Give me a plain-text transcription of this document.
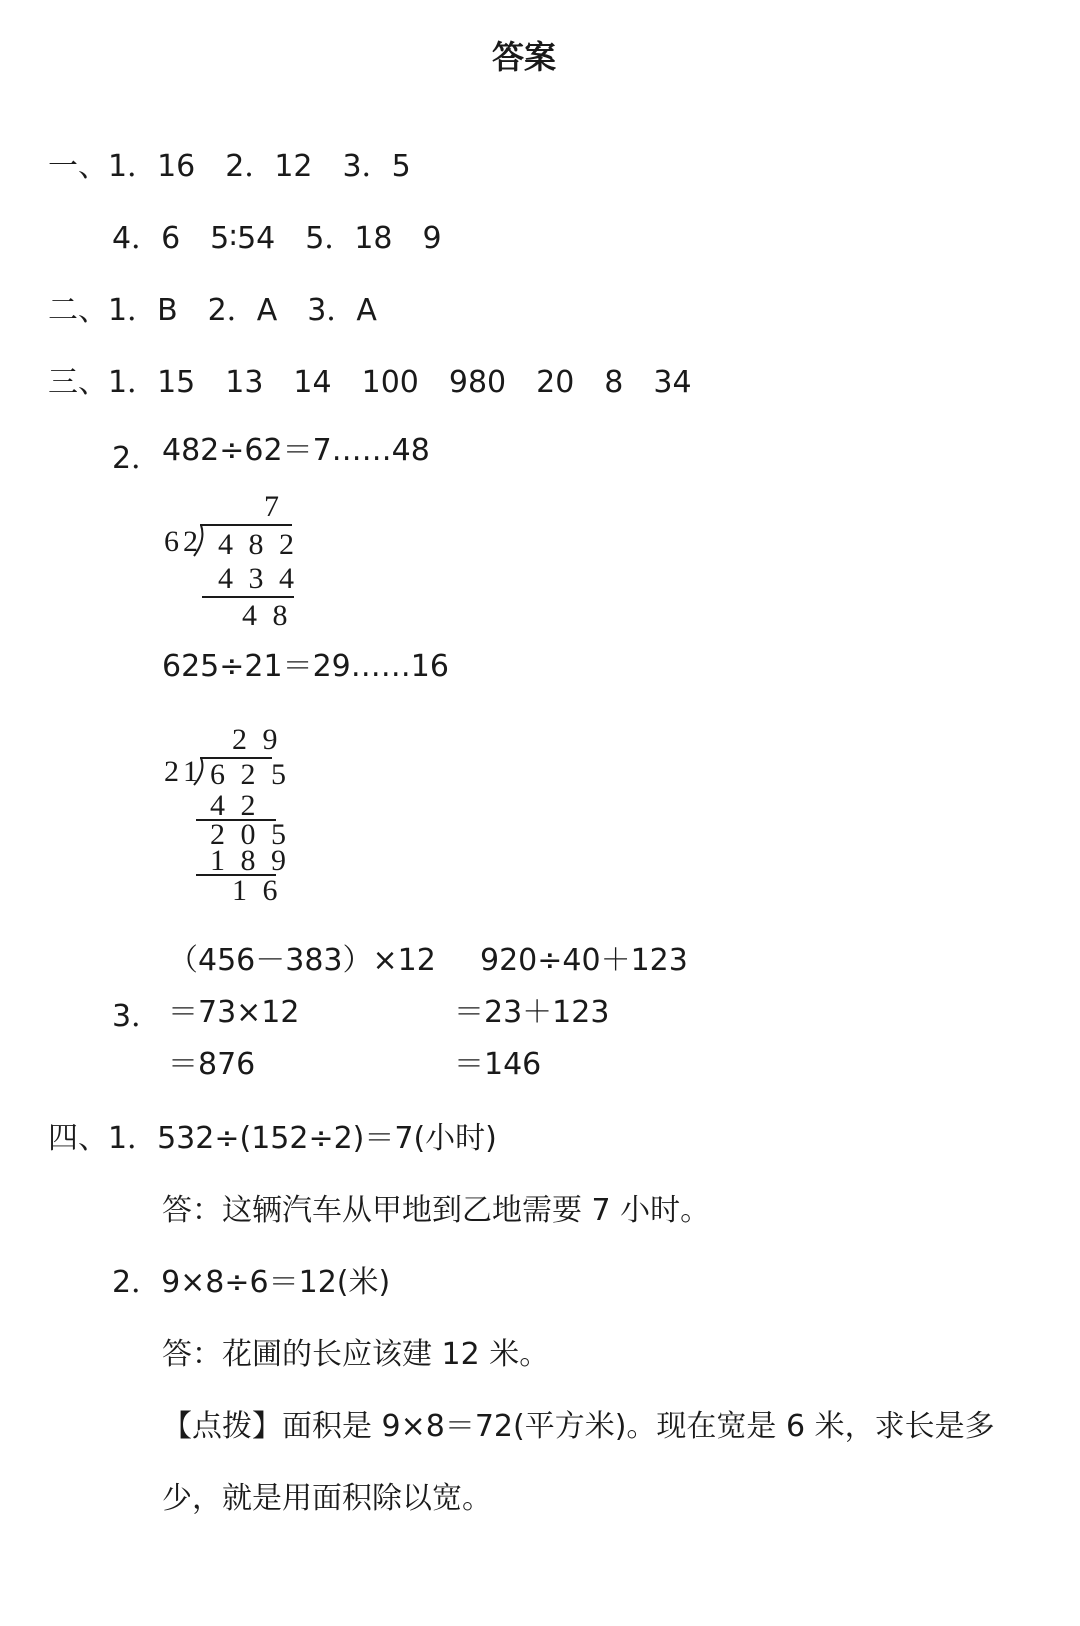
答案
一、1．16　2．12　3．5
4．6　5∶54　5．18　9
二、1．B　2．A　3．A
三、1．15　13　14　100　980　20　8　34
2． 482÷62＝7……48
7
62 4 8 2
4 3 4
4 8
625÷21＝29……16
2 9
21 6 2 5
4 2
2 0 5
1 8 9
1 6
3．
（456－383）×12
＝73×12
＝876
920÷40＋123
＝23＋123
＝146
四、1．532÷(152÷2)＝7(小时)
答：这辆汽车从甲地到乙地需要 7 小时。
2．9×8÷6＝12(米)
答：花圃的长应该建 12 米。
【点拨】面积是 9×8＝72(平方米)。现在宽是 6 米，求长是多
少，就是用面积除以宽。
